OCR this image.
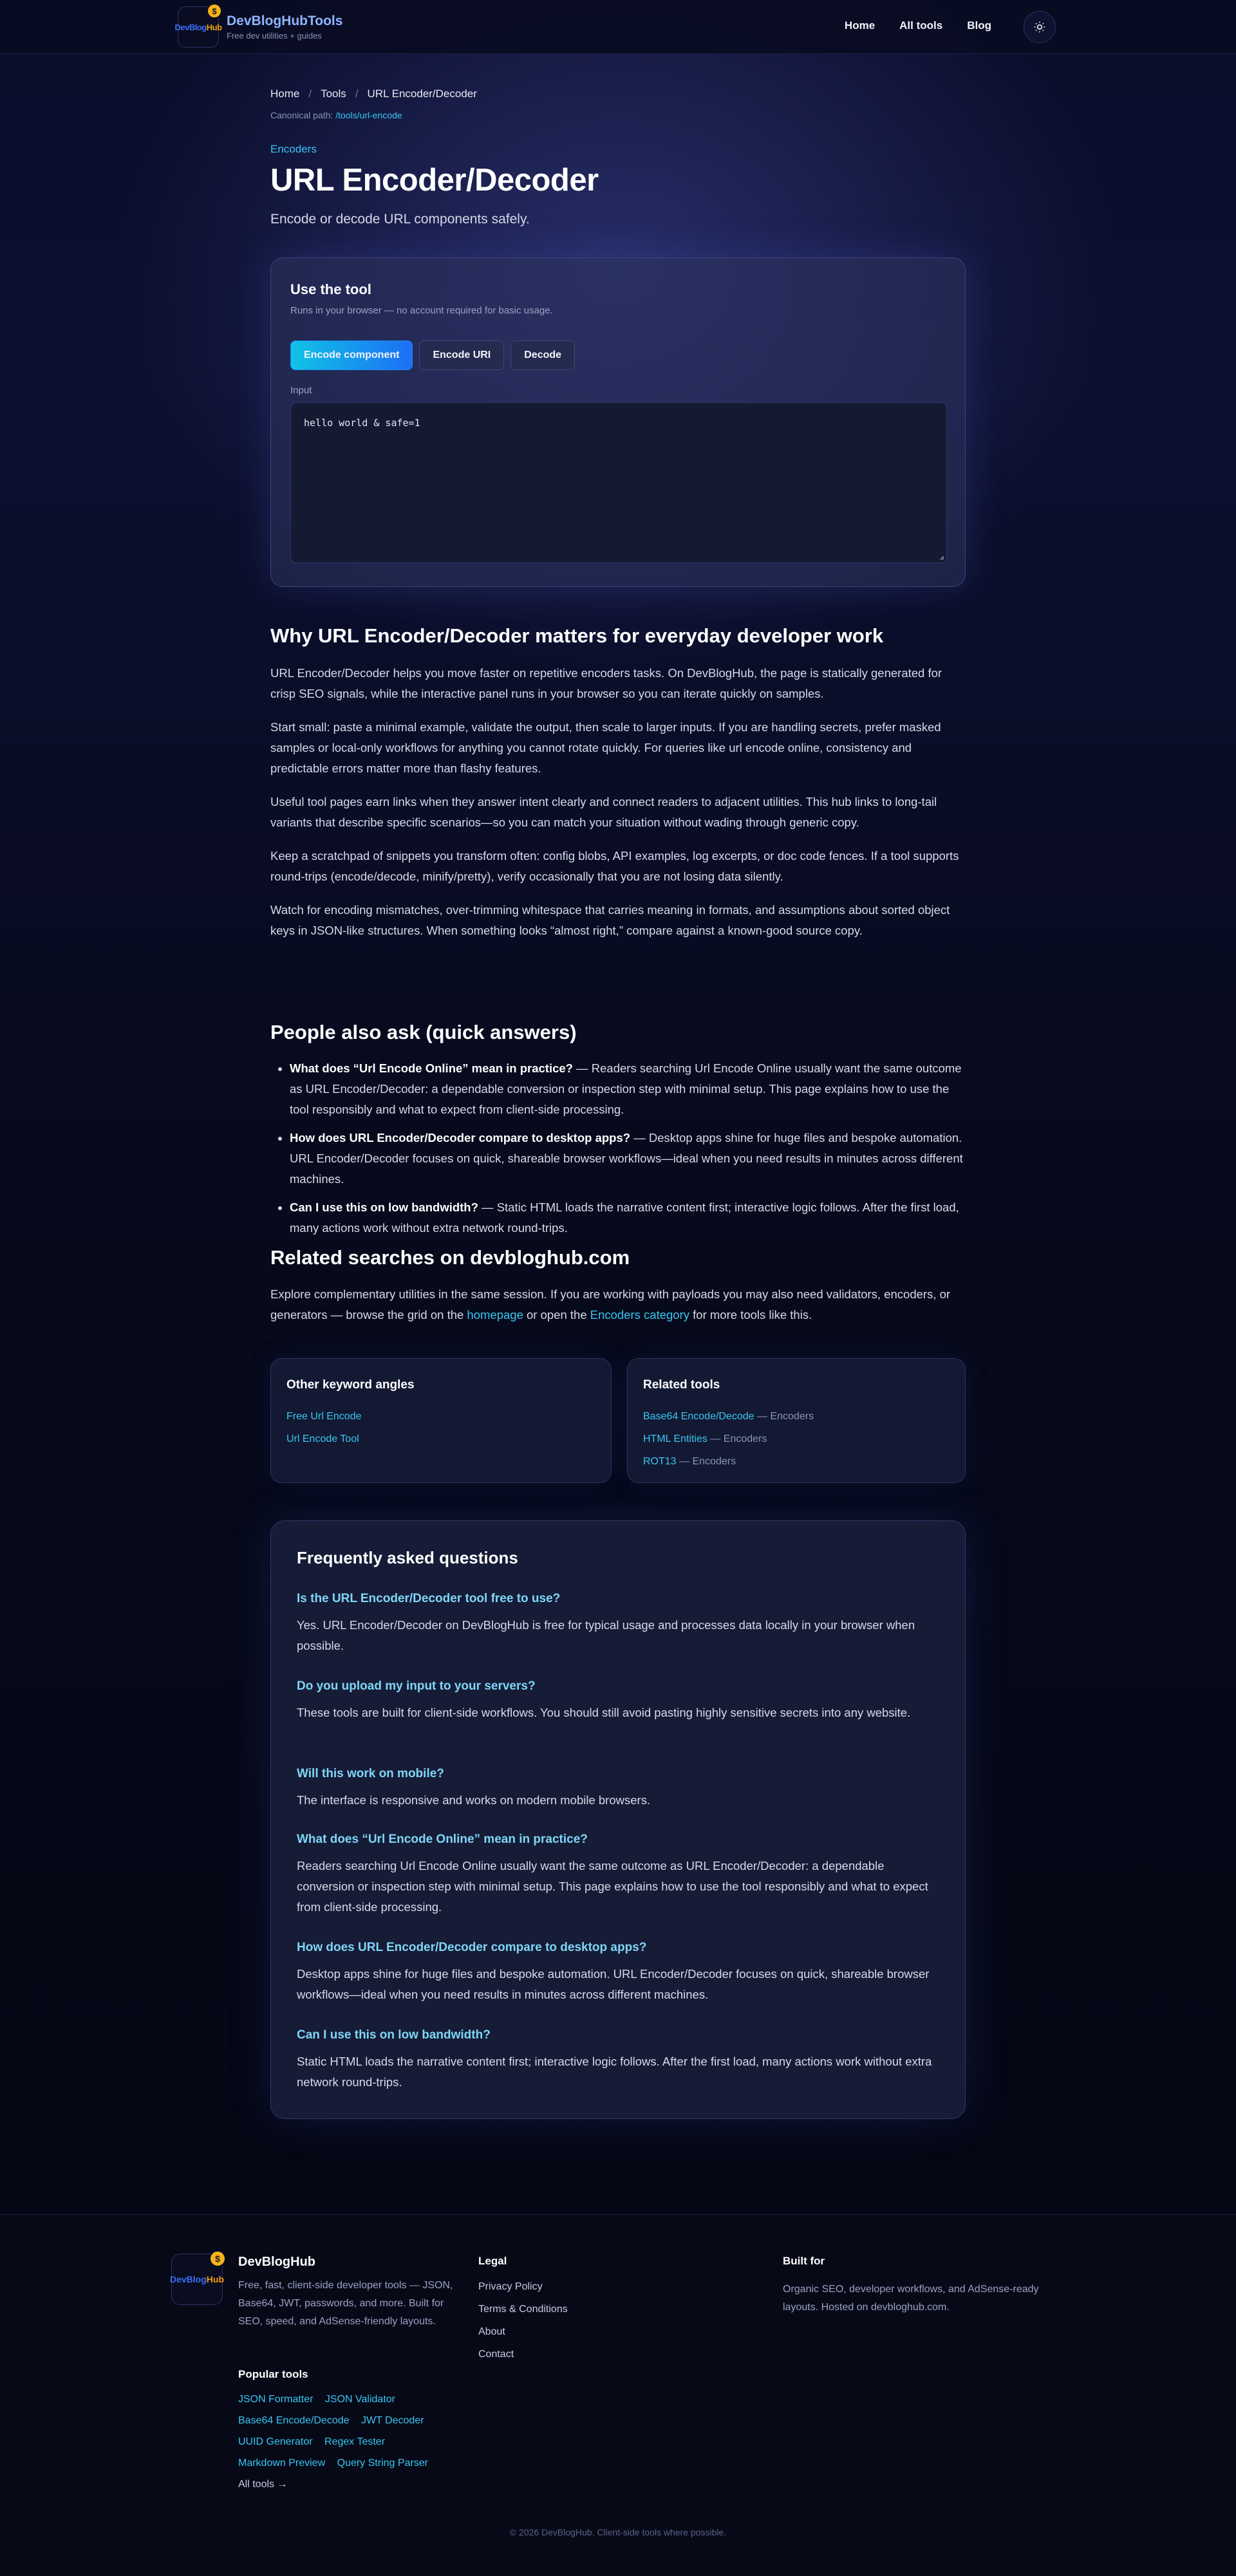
DevBlogHub
$
DevBlogHubTools
Free dev utilities + guides
Home All tools Blog
Home / Tools / URL Encoder/Decoder
Canonical path: /tools/url-encode
Encoders
URL Encoder/Decoder
Encode or decode URL components safely.
Use the tool
Runs in your browser — no account required for basic usage.
Encode component	Encode URI	Decode
Input
hello world & safe=1
◢
Why URL Encoder/Decoder matters for everyday developer work

URL Encoder/Decoder helps you move faster on repetitive encoders tasks. On DevBlogHub, the page is statically generated for crisp SEO signals, while the interactive panel runs in your browser so you can iterate quickly on samples.

Start small: paste a minimal example, validate the output, then scale to larger inputs. If you are handling secrets, prefer masked samples or local-only workflows for anything you cannot rotate quickly. For queries like url encode online, consistency and predictable errors matter more than flashy features.

Useful tool pages earn links when they answer intent clearly and connect readers to adjacent utilities. This hub links to long-tail variants that describe specific scenarios—so you can match your situation without wading through generic copy.

Keep a scratchpad of snippets you transform often: config blobs, API examples, log excerpts, or doc code fences. If a tool supports round-trips (encode/decode, minify/pretty), verify occasionally that you are not losing data silently.

Watch for encoding mismatches, over-trimming whitespace that carries meaning in formats, and assumptions about sorted object keys in JSON-like structures. When something looks “almost right,” compare against a known-good source copy.

People also ask (quick answers)
• What does “Url Encode Online” mean in practice? — Readers searching Url Encode Online usually want the same outcome as URL Encoder/Decoder: a dependable conversion or inspection step with minimal setup. This page explains how to use the tool responsibly and what to expect from client-side processing.
• How does URL Encoder/Decoder compare to desktop apps? — Desktop apps shine for huge files and bespoke automation. URL Encoder/Decoder focuses on quick, shareable browser workflows—ideal when you need results in minutes across different machines.
• Can I use this on low bandwidth? — Static HTML loads the narrative content first; interactive logic follows. After the first load, many actions work without extra network round-trips.
Related searches on devbloghub.com
Explore complementary utilities in the same session. If you are working with payloads you may also need validators, encoders, or generators — browse the grid on the homepage or open the Encoders category for more tools like this.
Other keyword angles
Free Url Encode
Url Encode Tool
Related tools
Base64 Encode/Decode — Encoders
HTML Entities — Encoders
ROT13 — Encoders
Frequently asked questions
Is the URL Encoder/Decoder tool free to use?
Yes. URL Encoder/Decoder on DevBlogHub is free for typical usage and processes data locally in your browser when possible.
Do you upload my input to your servers?
These tools are built for client-side workflows. You should still avoid pasting highly sensitive secrets into any website.
Will this work on mobile?
The interface is responsive and works on modern mobile browsers.
What does “Url Encode Online” mean in practice?
Readers searching Url Encode Online usually want the same outcome as URL Encoder/Decoder: a dependable conversion or inspection step with minimal setup. This page explains how to use the tool responsibly and what to expect from client-side processing.
How does URL Encoder/Decoder compare to desktop apps?
Desktop apps shine for huge files and bespoke automation. URL Encoder/Decoder focuses on quick, shareable browser workflows—ideal when you need results in minutes across different machines.
Can I use this on low bandwidth?
Static HTML loads the narrative content first; interactive logic follows. After the first load, many actions work without extra network round-trips.
DevBlogHub
$	DevBlogHub
Free, fast, client-side developer tools — JSON, Base64, JWT, passwords, and more. Built for SEO, speed, and AdSense-friendly layouts.
Popular tools
JSON Formatter JSON Validator
Base64 Encode/Decode JWT Decoder
UUID Generator Regex Tester
Markdown Preview Query String Parser
All tools →
Legal
Privacy Policy
Terms & Conditions
About
Contact
Built for
Organic SEO, developer workflows, and AdSense-ready layouts. Hosted on devbloghub.com.
© 2026 DevBlogHub. Client-side tools where possible.
